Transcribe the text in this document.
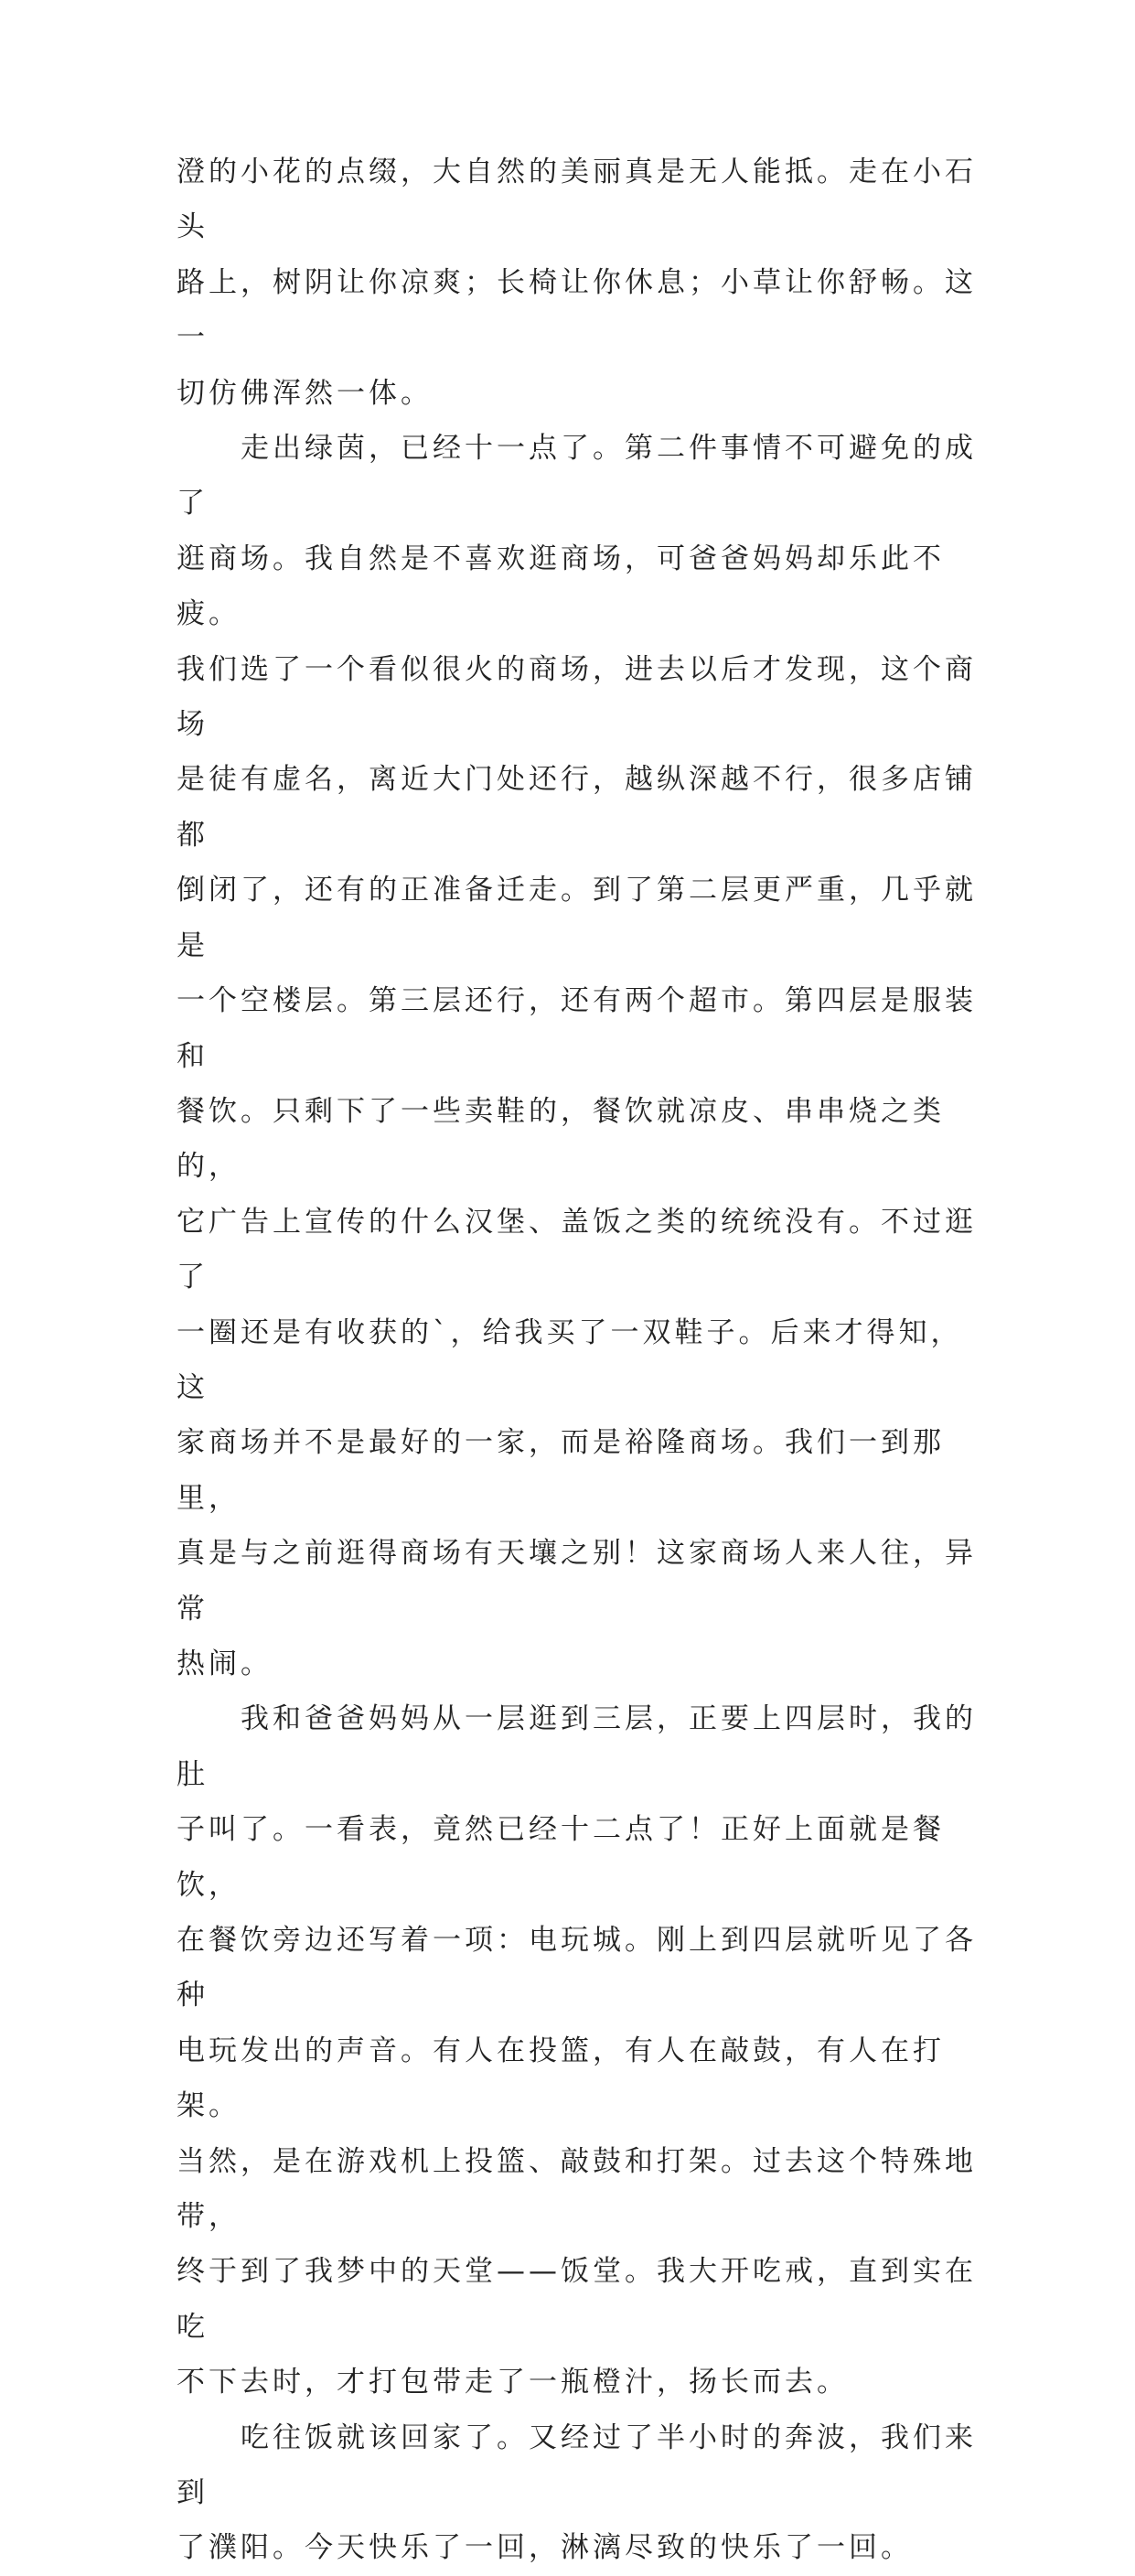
澄的小花的点缀，大自然的美丽真是无人能抵。走在小石头
路上，树阴让你凉爽；长椅让你休息；小草让你舒畅。这一
切仿佛浑然一体。

走出绿茵，已经十一点了。第二件事情不可避免的成了
逛商场。我自然是不喜欢逛商场，可爸爸妈妈却乐此不疲。
我们选了一个看似很火的商场，进去以后才发现，这个商场
是徒有虚名，离近大门处还行，越纵深越不行，很多店铺都
倒闭了，还有的正准备迁走。到了第二层更严重，几乎就是
一个空楼层。第三层还行，还有两个超市。第四层是服装和
餐饮。只剩下了一些卖鞋的，餐饮就凉皮、串串烧之类的，
它广告上宣传的什么汉堡、盖饭之类的统统没有。不过逛了
一圈还是有收获的`，给我买了一双鞋子。后来才得知，这
家商场并不是最好的一家，而是裕隆商场。我们一到那里，
真是与之前逛得商场有天壤之别！这家商场人来人往，异常
热闹。

我和爸爸妈妈从一层逛到三层，正要上四层时，我的肚
子叫了。一看表，竟然已经十二点了！正好上面就是餐饮，
在餐饮旁边还写着一项：电玩城。刚上到四层就听见了各种
电玩发出的声音。有人在投篮，有人在敲鼓，有人在打架。
当然，是在游戏机上投篮、敲鼓和打架。过去这个特殊地带，
终于到了我梦中的天堂——饭堂。我大开吃戒，直到实在吃
不下去时，才打包带走了一瓶橙汁，扬长而去。

吃往饭就该回家了。又经过了半小时的奔波，我们来到
了濮阳。今天快乐了一回，淋漓尽致的快乐了一回。
